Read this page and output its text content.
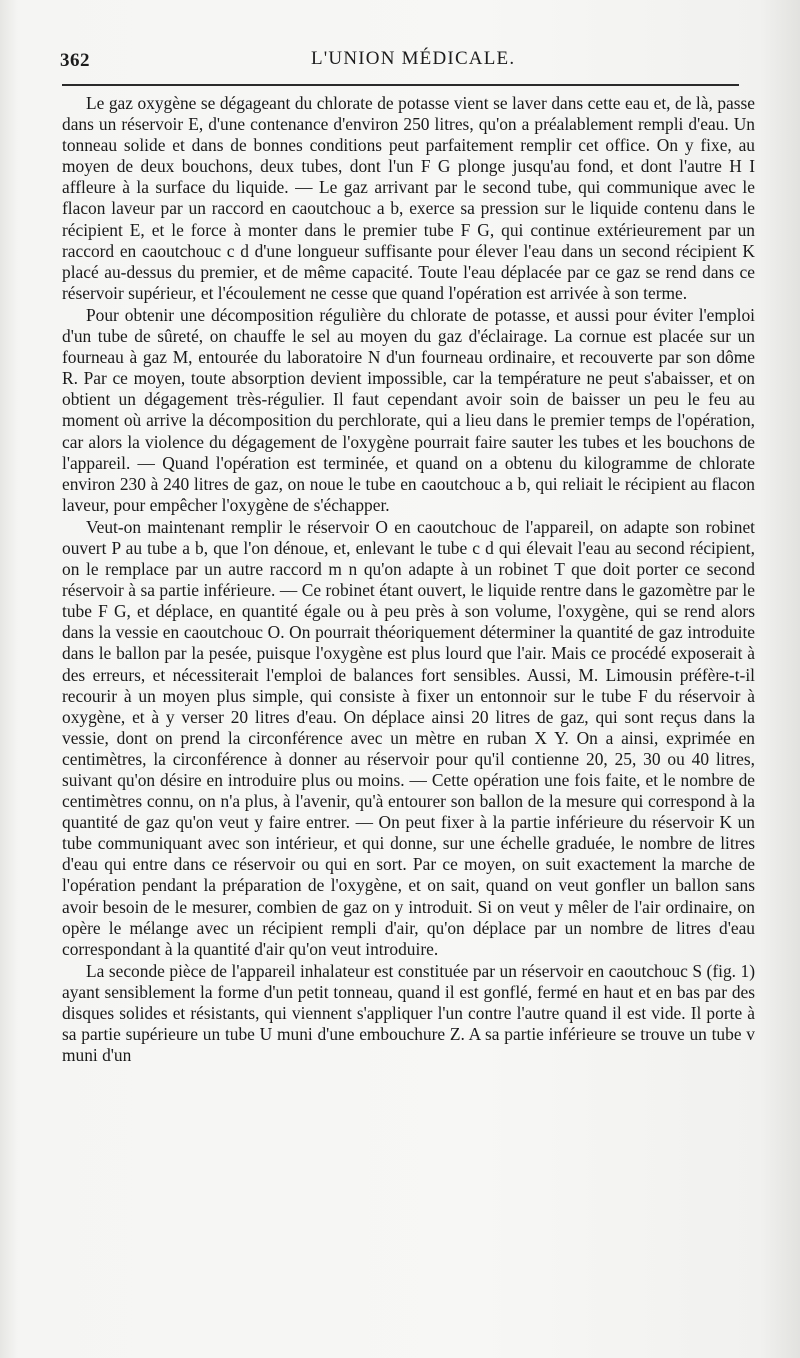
362	L'UNION MÉDICALE.

Le gaz oxygène se dégageant du chlorate de potasse vient se laver dans cette eau et, de là, passe dans un réservoir E, d'une contenance d'environ 250 litres, qu'on a préalablement rempli d'eau. Un tonneau solide et dans de bonnes conditions peut parfaitement remplir cet office. On y fixe, au moyen de deux bouchons, deux tubes, dont l'un F G plonge jusqu'au fond, et dont l'autre H I affleure à la surface du liquide. — Le gaz arrivant par le second tube, qui communique avec le flacon laveur par un raccord en caoutchouc a b, exerce sa pression sur le liquide contenu dans le récipient E, et le force à monter dans le premier tube F G, qui continue extérieurement par un raccord en caoutchouc c d d'une longueur suffisante pour élever l'eau dans un second récipient K placé au-dessus du premier, et de même capacité. Toute l'eau déplacée par ce gaz se rend dans ce réservoir supérieur, et l'écoulement ne cesse que quand l'opération est arrivée à son terme.

Pour obtenir une décomposition régulière du chlorate de potasse, et aussi pour éviter l'emploi d'un tube de sûreté, on chauffe le sel au moyen du gaz d'éclairage. La cornue est placée sur un fourneau à gaz M, entourée du laboratoire N d'un fourneau ordinaire, et recouverte par son dôme R. Par ce moyen, toute absorption devient impossible, car la température ne peut s'abaisser, et on obtient un dégagement très-régulier. Il faut cependant avoir soin de baisser un peu le feu au moment où arrive la décomposition du perchlorate, qui a lieu dans le premier temps de l'opération, car alors la violence du dégagement de l'oxygène pourrait faire sauter les tubes et les bouchons de l'appareil. — Quand l'opération est terminée, et quand on a obtenu du kilogramme de chlorate environ 230 à 240 litres de gaz, on noue le tube en caoutchouc a b, qui reliait le récipient au flacon laveur, pour empêcher l'oxygène de s'échapper.

Veut-on maintenant remplir le réservoir O en caoutchouc de l'appareil, on adapte son robinet ouvert P au tube a b, que l'on dénoue, et, enlevant le tube c d qui élevait l'eau au second récipient, on le remplace par un autre raccord m n qu'on adapte à un robinet T que doit porter ce second réservoir à sa partie inférieure. — Ce robinet étant ouvert, le liquide rentre dans le gazomètre par le tube F G, et déplace, en quantité égale ou à peu près à son volume, l'oxygène, qui se rend alors dans la vessie en caoutchouc O. On pourrait théoriquement déterminer la quantité de gaz introduite dans le ballon par la pesée, puisque l'oxygène est plus lourd que l'air. Mais ce procédé exposerait à des erreurs, et nécessiterait l'emploi de balances fort sensibles. Aussi, M. Limousin préfère-t-il recourir à un moyen plus simple, qui consiste à fixer un entonnoir sur le tube F du réservoir à oxygène, et à y verser 20 litres d'eau. On déplace ainsi 20 litres de gaz, qui sont reçus dans la vessie, dont on prend la circonférence avec un mètre en ruban X Y. On a ainsi, exprimée en centimètres, la circonférence à donner au réservoir pour qu'il contienne 20, 25, 30 ou 40 litres, suivant qu'on désire en introduire plus ou moins. — Cette opération une fois faite, et le nombre de centimètres connu, on n'a plus, à l'avenir, qu'à entourer son ballon de la mesure qui correspond à la quantité de gaz qu'on veut y faire entrer. — On peut fixer à la partie inférieure du réservoir K un tube communiquant avec son intérieur, et qui donne, sur une échelle graduée, le nombre de litres d'eau qui entre dans ce réservoir ou qui en sort. Par ce moyen, on suit exactement la marche de l'opération pendant la préparation de l'oxygène, et on sait, quand on veut gonfler un ballon sans avoir besoin de le mesurer, combien de gaz on y introduit. Si on veut y mêler de l'air ordinaire, on opère le mélange avec un récipient rempli d'air, qu'on déplace par un nombre de litres d'eau correspondant à la quantité d'air qu'on veut introduire.

La seconde pièce de l'appareil inhalateur est constituée par un réservoir en caoutchouc S (fig. 1) ayant sensiblement la forme d'un petit tonneau, quand il est gonflé, fermé en haut et en bas par des disques solides et résistants, qui viennent s'appliquer l'un contre l'autre quand il est vide. Il porte à sa partie supérieure un tube U muni d'une embouchure Z. A sa partie inférieure se trouve un tube v muni d'un
